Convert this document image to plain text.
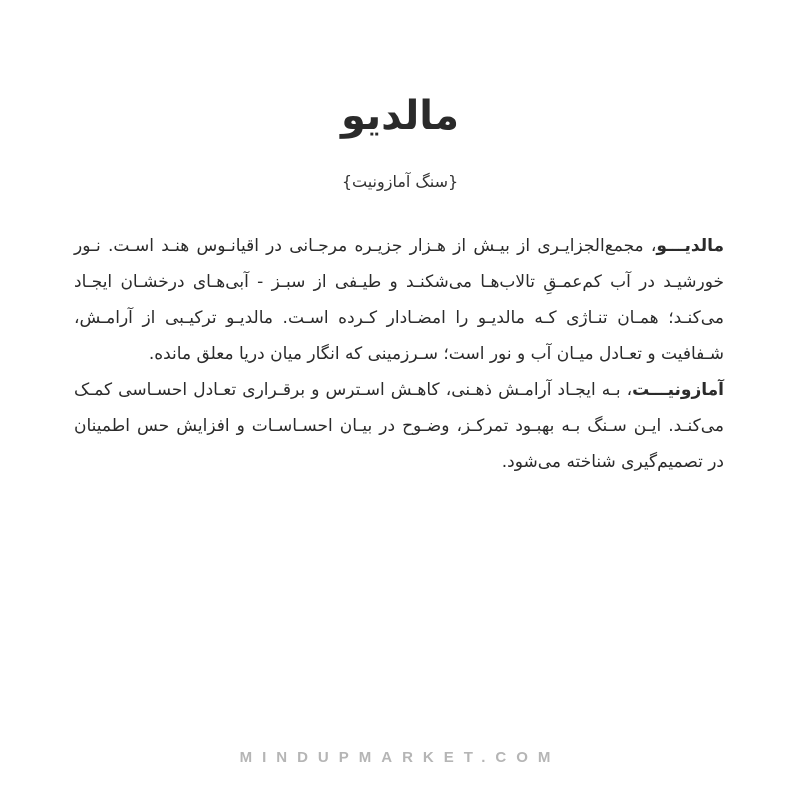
مالدیو
{سنگ آمازونیت}

مالدیـــو، مجمع‌الجزایـری از بیـش از هـزار جزیـره مرجـانی در اقیانـوس هنـد اسـت. نـور خورشیـد در آب کم‌عمـقِ تالاب‌هـا می‌شکنـد و طیـفی از سبـز - آبی‌هـای درخشـان ایجـاد می‌کنـد؛ همـان تنـاژی کـه مالدیـو را امضـادار کـرده اسـت. مالدیـو ترکیـبی از آرامـش، شـفافیت و تعـادل میـان آب و نور است؛ سـرزمینی که انگار میان دریا معلق مانده.

آمازونیـــت، بـه ایجـاد آرامـش ذهـنی، کاهـش اسـترس و برقـراری تعـادل احسـاسی کمـک می‌کنـد. ایـن سـنگ بـه بهبـود تمرکـز، وضـوح در بیـان احسـاسـات و افزایش حس اطمینان در تصمیم‌گیری شناخته می‌شود.

MINDUPMARKET.COM
